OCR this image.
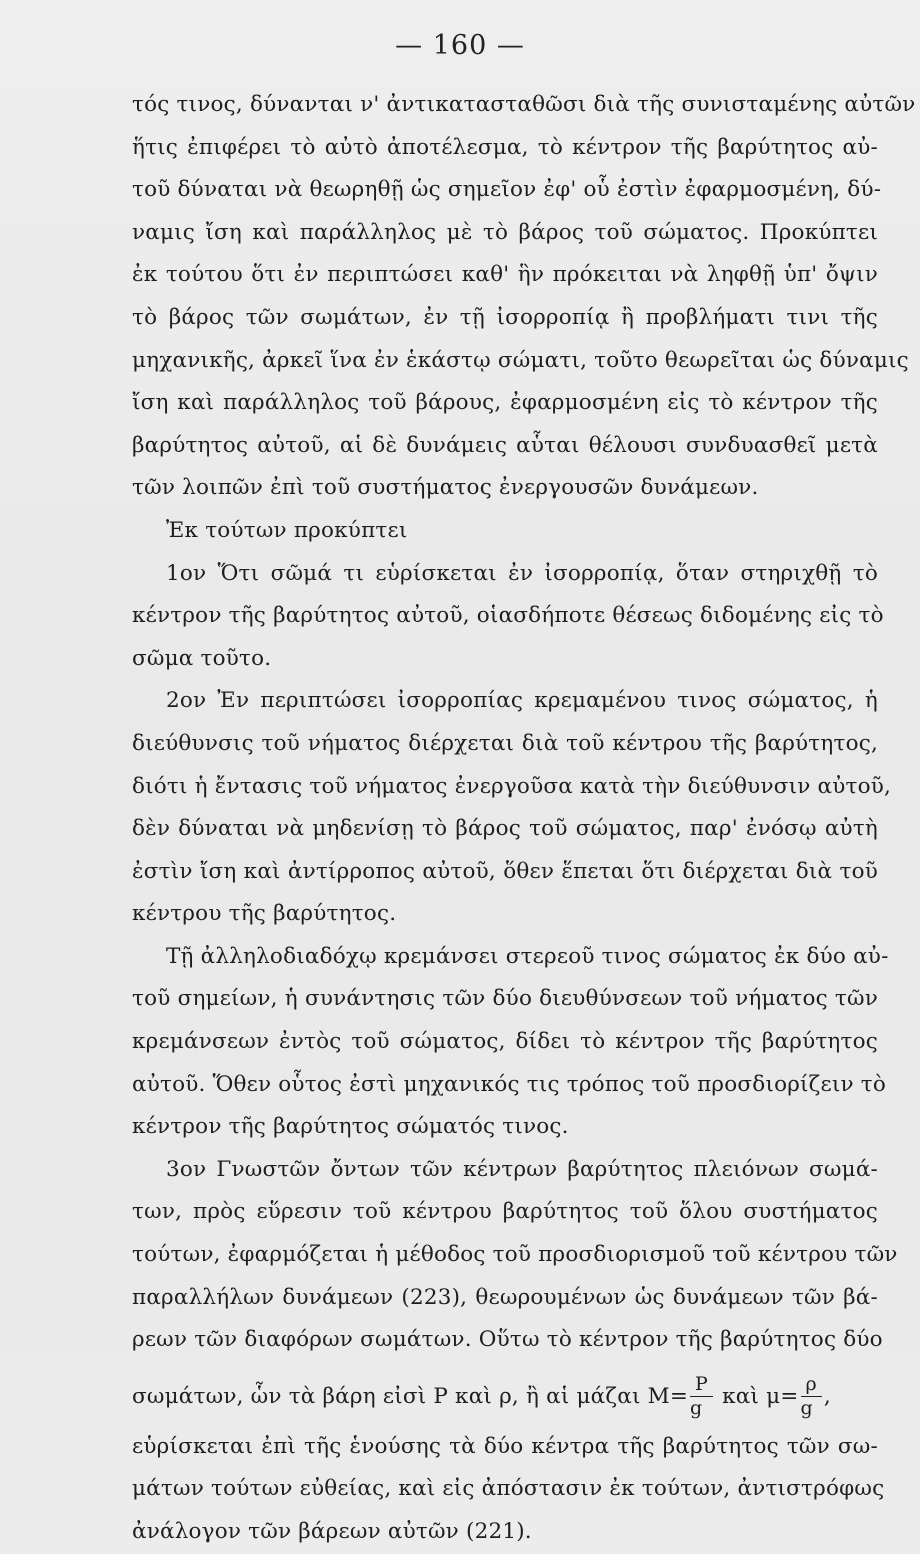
— 160 —
τός τινος, δύνανται ν' ἀντικατασταθῶσι διὰ τῆς συνισταμένης αὐτῶν
ἥτις ἐπιφέρει τὸ αὐτὸ ἀποτέλεσμα, τὸ κέντρον τῆς βαρύτητος αὐ-
τοῦ δύναται νὰ θεωρηθῇ ὡς σημεῖον ἐφ' οὗ ἐστὶν ἐφαρμοσμένη, δύ-
ναμις ἴση καὶ παράλληλος μὲ τὸ βάρος τοῦ σώματος. Προκύπτει
ἐκ τούτου ὅτι ἐν περιπτώσει καθ' ἣν πρόκειται νὰ ληφθῇ ὑπ' ὄψιν
τὸ βάρος τῶν σωμάτων, ἐν τῇ ἰσορροπίᾳ ἢ προβλήματι τινι τῆς
μηχανικῆς, ἀρκεῖ ἵνα ἐν ἑκάστῳ σώματι, τοῦτο θεωρεῖται ὡς δύναμις
ἴση καὶ παράλληλος τοῦ βάρους, ἐφαρμοσμένη εἰς τὸ κέντρον τῆς
βαρύτητος αὐτοῦ, αἱ δὲ δυνάμεις αὗται θέλουσι συνδυασθεῖ μετὰ
τῶν λοιπῶν ἐπὶ τοῦ συστήματος ἐνεργουσῶν δυνάμεων.
Ἐκ τούτων προκύπτει
1ον Ὅτι σῶμά τι εὑρίσκεται ἐν ἰσορροπίᾳ, ὅταν στηριχθῇ τὸ
κέντρον τῆς βαρύτητος αὐτοῦ, οἱασδήποτε θέσεως διδομένης εἰς τὸ
σῶμα τοῦτο.
2ον Ἐν περιπτώσει ἰσορροπίας κρεμαμένου τινος σώματος, ἡ
διεύθυνσις τοῦ νήματος διέρχεται διὰ τοῦ κέντρου τῆς βαρύτητος,
διότι ἡ ἔντασις τοῦ νήματος ἐνεργοῦσα κατὰ τὴν διεύθυνσιν αὐτοῦ,
δὲν δύναται νὰ μηδενίσῃ τὸ βάρος τοῦ σώματος, παρ' ἐνόσῳ αὐτὴ
ἐστὶν ἴση καὶ ἀντίρροπος αὐτοῦ, ὅθεν ἕπεται ὅτι διέρχεται διὰ τοῦ
κέντρου τῆς βαρύτητος.
Τῇ ἀλληλοδιαδόχῳ κρεμάνσει στερεοῦ τινος σώματος ἐκ δύο αὐ-
τοῦ σημείων, ἡ συνάντησις τῶν δύο διευθύνσεων τοῦ νήματος τῶν
κρεμάνσεων ἐντὸς τοῦ σώματος, δίδει τὸ κέντρον τῆς βαρύτητος
αὐτοῦ. Ὅθεν οὗτος ἐστὶ μηχανικός τις τρόπος τοῦ προσδιορίζειν τὸ
κέντρον τῆς βαρύτητος σώματός τινος.
3ον Γνωστῶν ὄντων τῶν κέντρων βαρύτητος πλειόνων σωμά-
των, πρὸς εὕρεσιν τοῦ κέντρου βαρύτητος τοῦ ὅλου συστήματος
τούτων, ἐφαρμόζεται ἡ μέθοδος τοῦ προσδιορισμοῦ τοῦ κέντρου τῶν
παραλλήλων δυνάμεων (223), θεωρουμένων ὡς δυνάμεων τῶν βά-
ρεων τῶν διαφόρων σωμάτων. Οὕτω τὸ κέντρον τῆς βαρύτητος δύο
σωμάτων, ὧν τὰ βάρη εἰσὶ P καὶ ρ, ἢ αἱ μάζαι $M= \frac{P}{g}$ καὶ $\mu= \frac{\rho}{g}$ ,
εὑρίσκεται ἐπὶ τῆς ἑνούσης τὰ δύο κέντρα τῆς βαρύτητος τῶν σω-
μάτων τούτων εὐθείας, καὶ εἰς ἀπόστασιν ἐκ τούτων, ἀντιστρόφως
ἀνάλογον τῶν βάρεων αὐτῶν (221).
